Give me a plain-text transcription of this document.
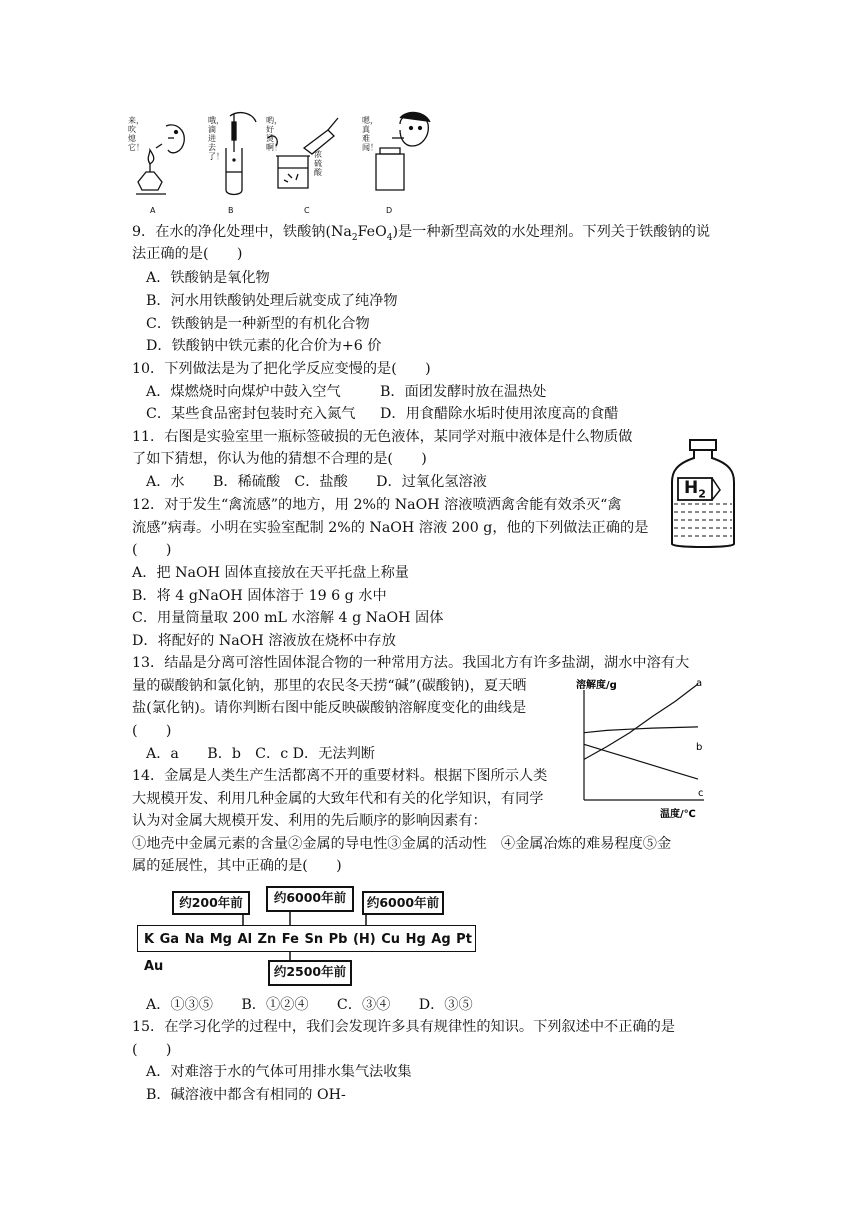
来，吹熄它！
哦，滴进去了！
哟，好烫啊！
浓硫酸
嗯，真难闻！
A	B	C	D
9．在水的净化处理中，铁酸钠$(Na_2FeO_4)$是一种新型高效的水处理剂。下列关于铁酸钠的说
法正确的是(　　)
A．铁酸钠是氧化物
B．河水用铁酸钠处理后就变成了纯净物
C．铁酸钠是一种新型的有机化合物
D．铁酸钠中铁元素的化合价为+6 价
10．下列做法是为了把化学反应变慢的是(　　)
A．煤燃烧时向煤炉中鼓入空气	B．面团发酵时放在温热处
C．某些食品密封包装时充入氮气 D．用食醋除水垢时使用浓度高的食醋
11．右图是实验室里一瓶标签破损的无色液体，某同学对瓶中液体是什么物质做
了如下猜想，你认为他的猜想不合理的是(　　)
A．水　　B．稀硫酸　C．盐酸　　D．过氧化氢溶液	$H_2$
12．对于发生“禽流感”的地方，用 2%的 NaOH 溶液喷洒禽舍能有效杀灭“禽
流感”病毒。小明在实验室配制 2%的 NaOH 溶液 200 g，他的下列做法正确的是
(　　)
A．把 NaOH 固体直接放在天平托盘上称量
B．将 4 gNaOH 固体溶于 19 6 g 水中
C．用量筒量取 200 mL 水溶解 4 g NaOH 固体
D．将配好的 NaOH 溶液放在烧杯中存放
13．结晶是分离可溶性固体混合物的一种常用方法。我国北方有许多盐湖，湖水中溶有大
量的碳酸钠和氯化钠，那里的农民冬天捞“碱”(碳酸钠)，夏天晒
盐(氯化钠)。请你判断右图中能反映碳酸钠溶解度变化的曲线是
(　　)
A．a　　B．b　C．c D．无法判断
溶解度/g
温度/℃
a
b
c
14．金属是人类生产生活都离不开的重要材料。根据下图所示人类
大规模开发、利用几种金属的大致年代和有关的化学知识，有同学
认为对金属大规模开发、利用的先后顺序的影响因素有：
①地壳中金属元素的含量②金属的导电性③金属的活动性　④金属冶炼的难易程度⑤金
属的延展性，其中正确的是(　　)
约200年前	约6000年前	约6000年前
K Ga Na Mg Al Zn Fe Sn Pb (H) Cu Hg Ag Pt Au	约2500年前
A．①③⑤　　B．①②④　　C．③④　　D．③⑤
15．在学习化学的过程中，我们会发现许多具有规律性的知识。下列叙述中不正确的是
(　　)
A．对难溶于水的气体可用排水集气法收集
B．碱溶液中都含有相同的 OH-
